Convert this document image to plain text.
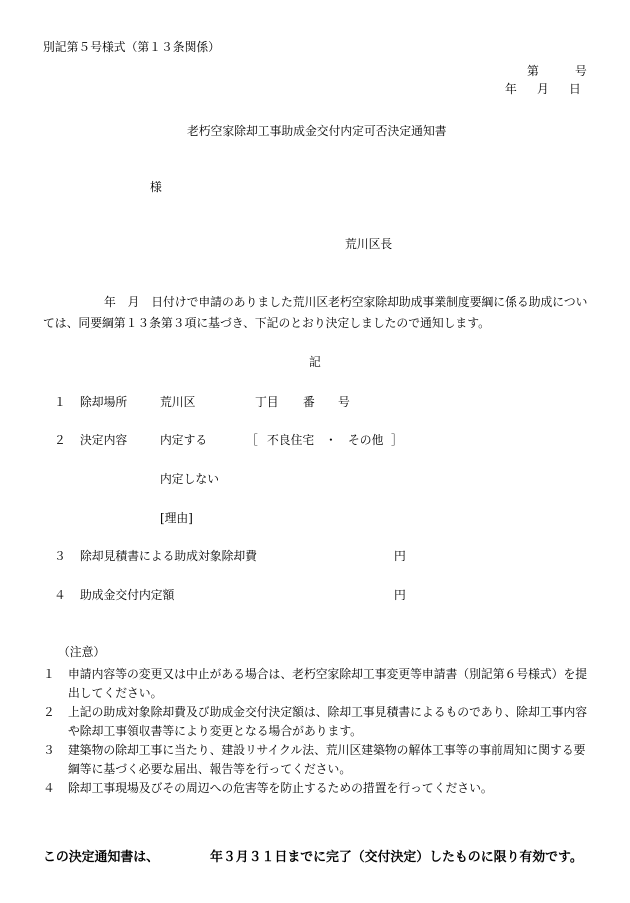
別記第５号様式（第１３条関係）
第	号
年 月 日
老朽空家除却工事助成金交付内定可否決定通知書
様
荒川区長
年　月　日付けで申請のありました荒川区老朽空家除却助成事業制度要綱に係る助成につい
ては、同要綱第１３条第３項に基づき、下記のとおり決定しましたので通知します。
記
１ 除却場所	荒川区	丁目 番 号
２ 決定内容	内定する	［ 不良住宅 ・ その他 ］
内定しない
[理由]
３ 除却見積書による助成対象除却費	円
４ 助成金交付内定額	円
（注意）
１ 申請内容等の変更又は中止がある場合は、老朽空家除却工事変更等申請書（別記第６号様式）を提
出してください。
２ 上記の助成対象除却費及び助成金交付決定額は、除却工事見積書によるものであり、除却工事内容
や除却工事領収書等により変更となる場合があります。
３ 建築物の除却工事に当たり、建設リサイクル法、荒川区建築物の解体工事等の事前周知に関する要
綱等に基づく必要な届出、報告等を行ってください。
４ 除却工事現場及びその周辺への危害等を防止するための措置を行ってください。
この決定通知書は、	年３月３１日までに完了（交付決定）したものに限り有効です。
